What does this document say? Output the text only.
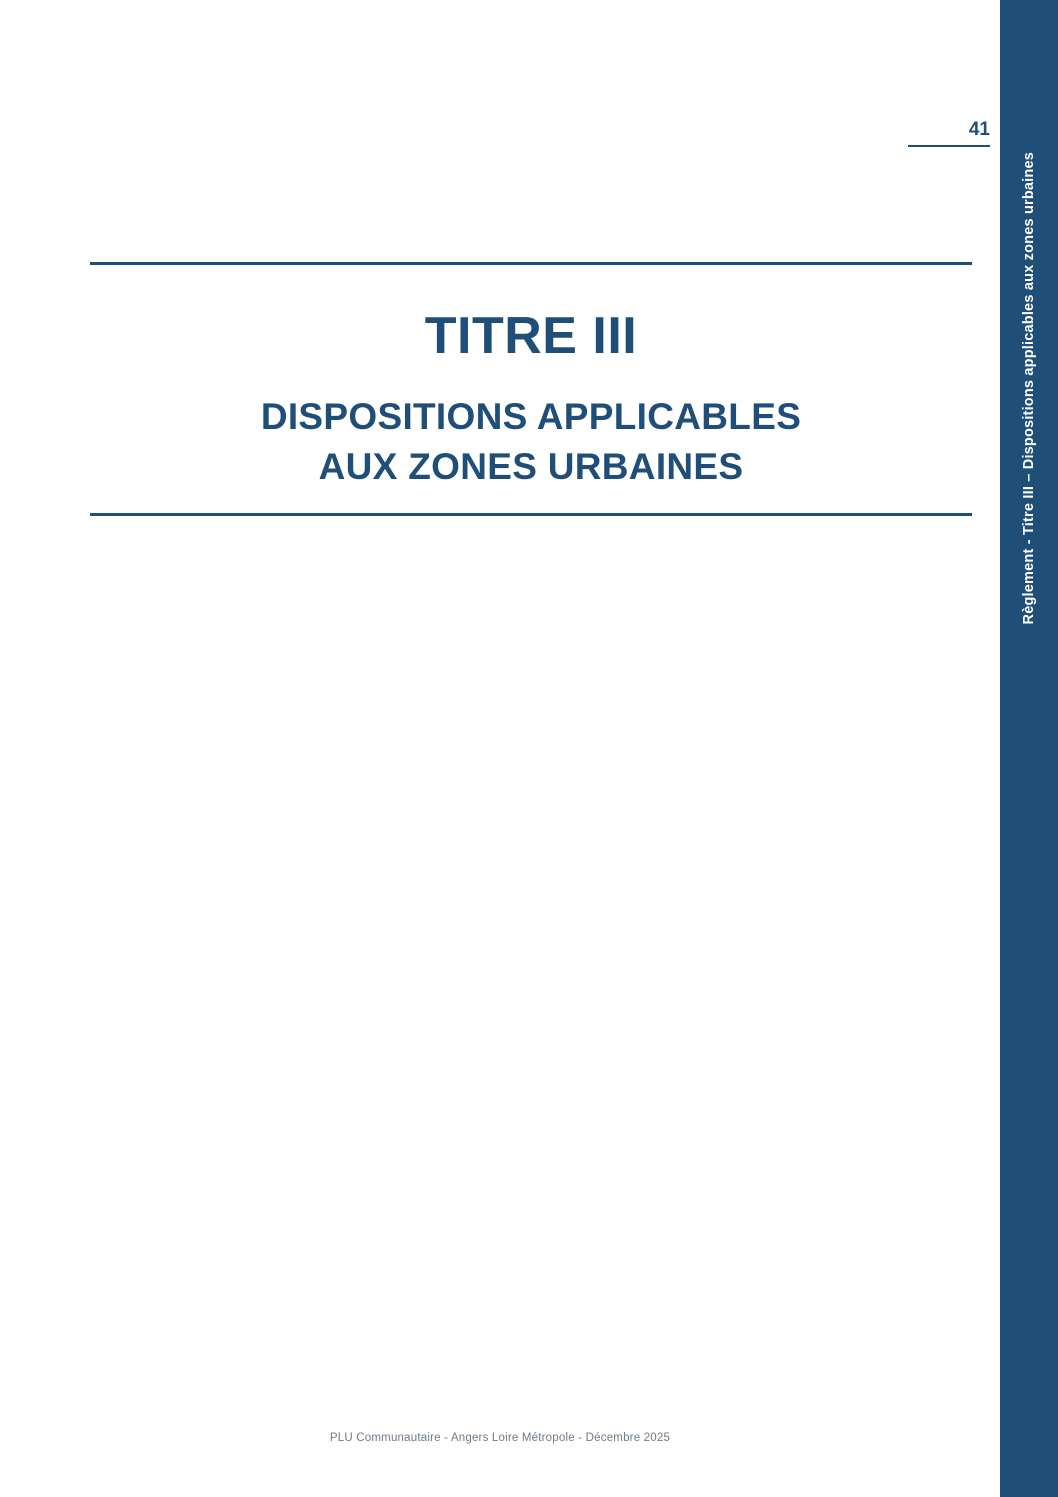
Règlement - Titre III – Dispositions applicables aux zones urbaines
41
TITRE III
DISPOSITIONS APPLICABLES
AUX ZONES URBAINES
PLU Communautaire - Angers Loire Métropole - Décembre 2025
